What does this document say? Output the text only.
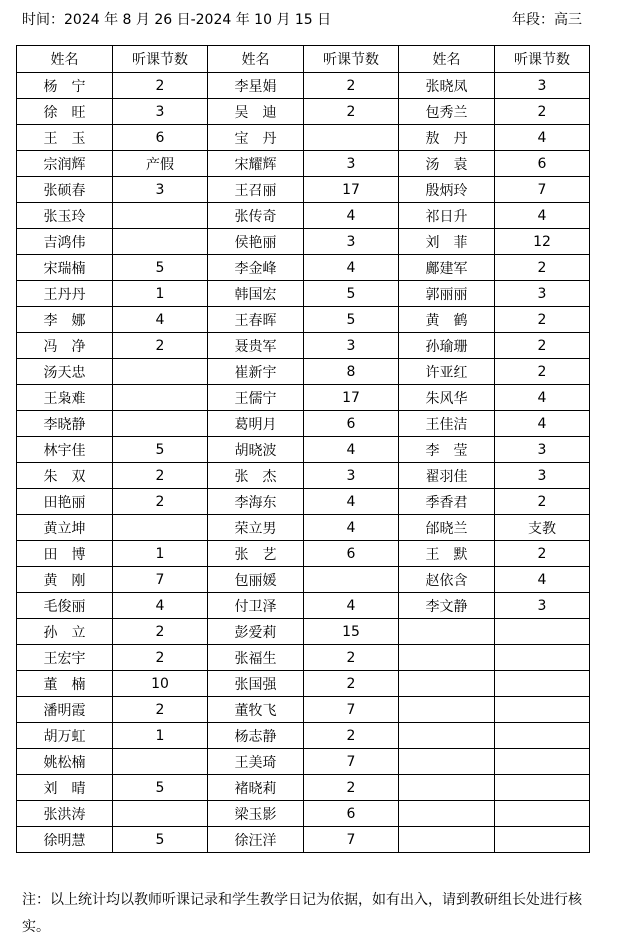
时间：2024 年 8 月 26 日-2024 年 10 月 15 日	年段：高三
姓名	听课节数	姓名	听课节数	姓名	听课节数
杨　宁	2	李星娟	2	张晓凤	3
徐　旺	3	吴　迪	2	包秀兰	2
王　玉	6	宝　丹		敖　丹	4
宗润辉	产假	宋耀辉	3	汤　袁	6
张硕春	3	王召丽	17	殷炳玲	7
张玉玲		张传奇	4	祁日升	4
吉鸿伟		侯艳丽	3	刘　菲	12
宋瑞楠	5	李金峰	4	鄺建军	2
王丹丹	1	韩国宏	5	郭丽丽	3
李　娜	4	王春晖	5	黄　鹤	2
冯　净	2	聂贵军	3	孙瑜珊	2
汤天忠		崔新宇	8	许亚红	2
王枭难		王儒宁	17	朱风华	4
李晓静		葛明月	6	王佳洁	4
林宇佳	5	胡晓波	4	李　莹	3
朱　双	2	张　杰	3	翟羽佳	3
田艳丽	2	李海东	4	季香君	2
黄立坤		荣立男	4	邰晓兰	支教
田　博	1	张　艺	6	王　默	2
黄　刚	7	包丽媛		赵依含	4
毛俊丽	4	付卫泽	4	李文静	3
孙　立	2	彭爱莉	15		
王宏宇	2	张福生	2		
董　楠	10	张国强	2		
潘明霞	2	董牧飞	7		
胡万虹	1	杨志静	2		
姚松楠		王美琦	7		
刘　晴	5	褚晓莉	2		
张洪涛		梁玉影	6		
徐明慧	5	徐汪洋	7		
注：以上统计均以教师听课记录和学生教学日记为依据，如有出入，请到教研组长处进行核实。
